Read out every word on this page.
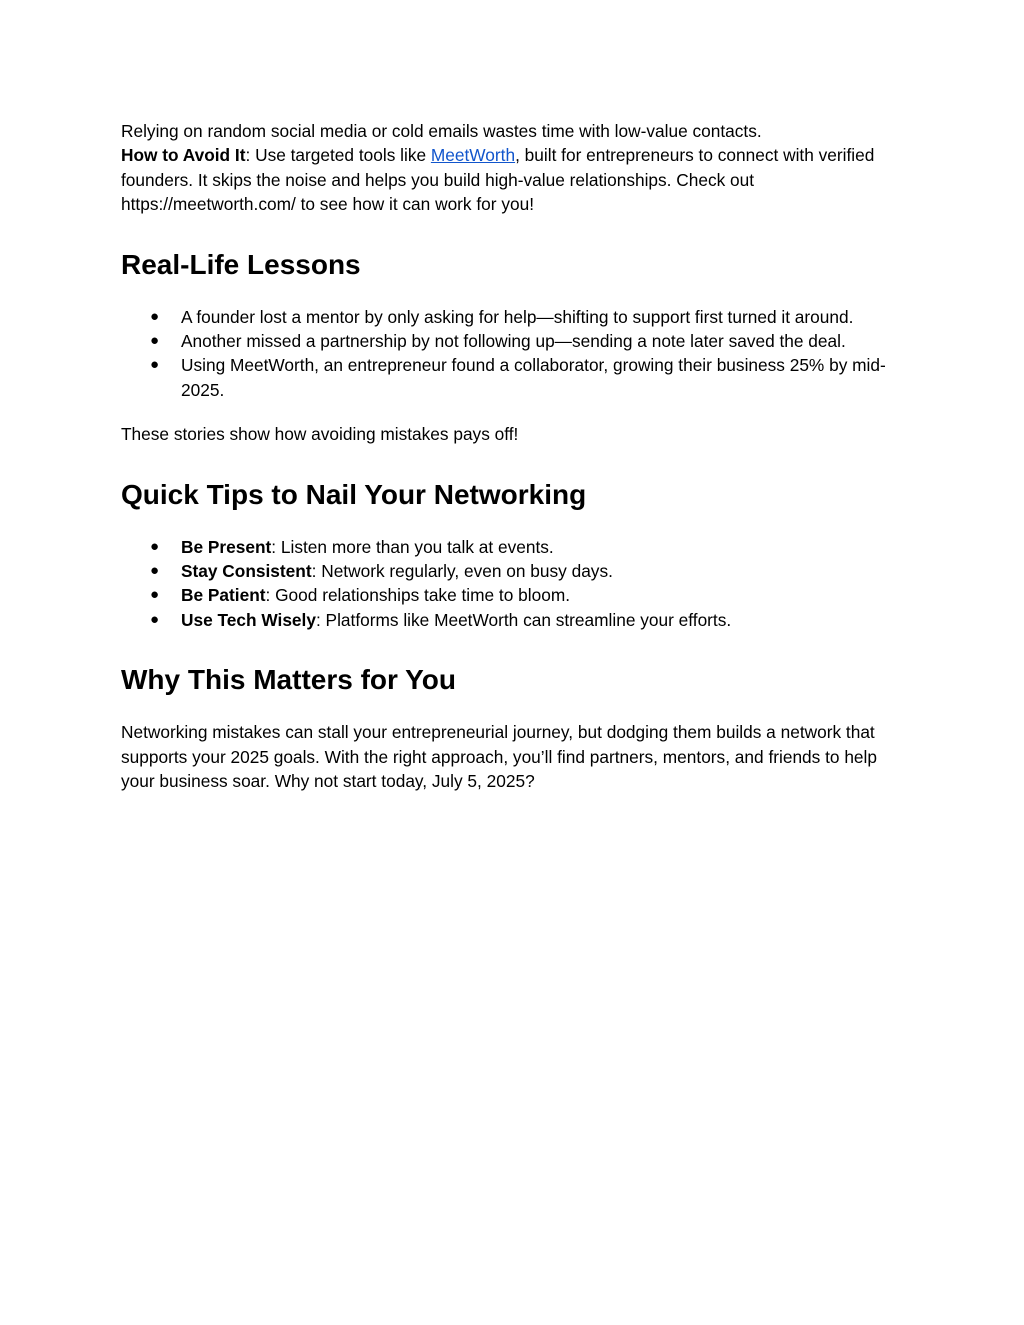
Relying on random social media or cold emails wastes time with low-value contacts.
How to Avoid It: Use targeted tools like MeetWorth, built for entrepreneurs to connect with verified founders. It skips the noise and helps you build high-value relationships. Check out https://meetworth.com/ to see how it can work for you!

Real-Life Lessons
● A founder lost a mentor by only asking for help—shifting to support first turned it around.
● Another missed a partnership by not following up—sending a note later saved the deal.
● Using MeetWorth, an entrepreneur found a collaborator, growing their business 25% by mid-2025.

These stories show how avoiding mistakes pays off!

Quick Tips to Nail Your Networking
● Be Present: Listen more than you talk at events.
● Stay Consistent: Network regularly, even on busy days.
● Be Patient: Good relationships take time to bloom.
● Use Tech Wisely: Platforms like MeetWorth can streamline your efforts.
Why This Matters for You

Networking mistakes can stall your entrepreneurial journey, but dodging them builds a network that supports your 2025 goals. With the right approach, you’ll find partners, mentors, and friends to help your business soar. Why not start today, July 5, 2025?
